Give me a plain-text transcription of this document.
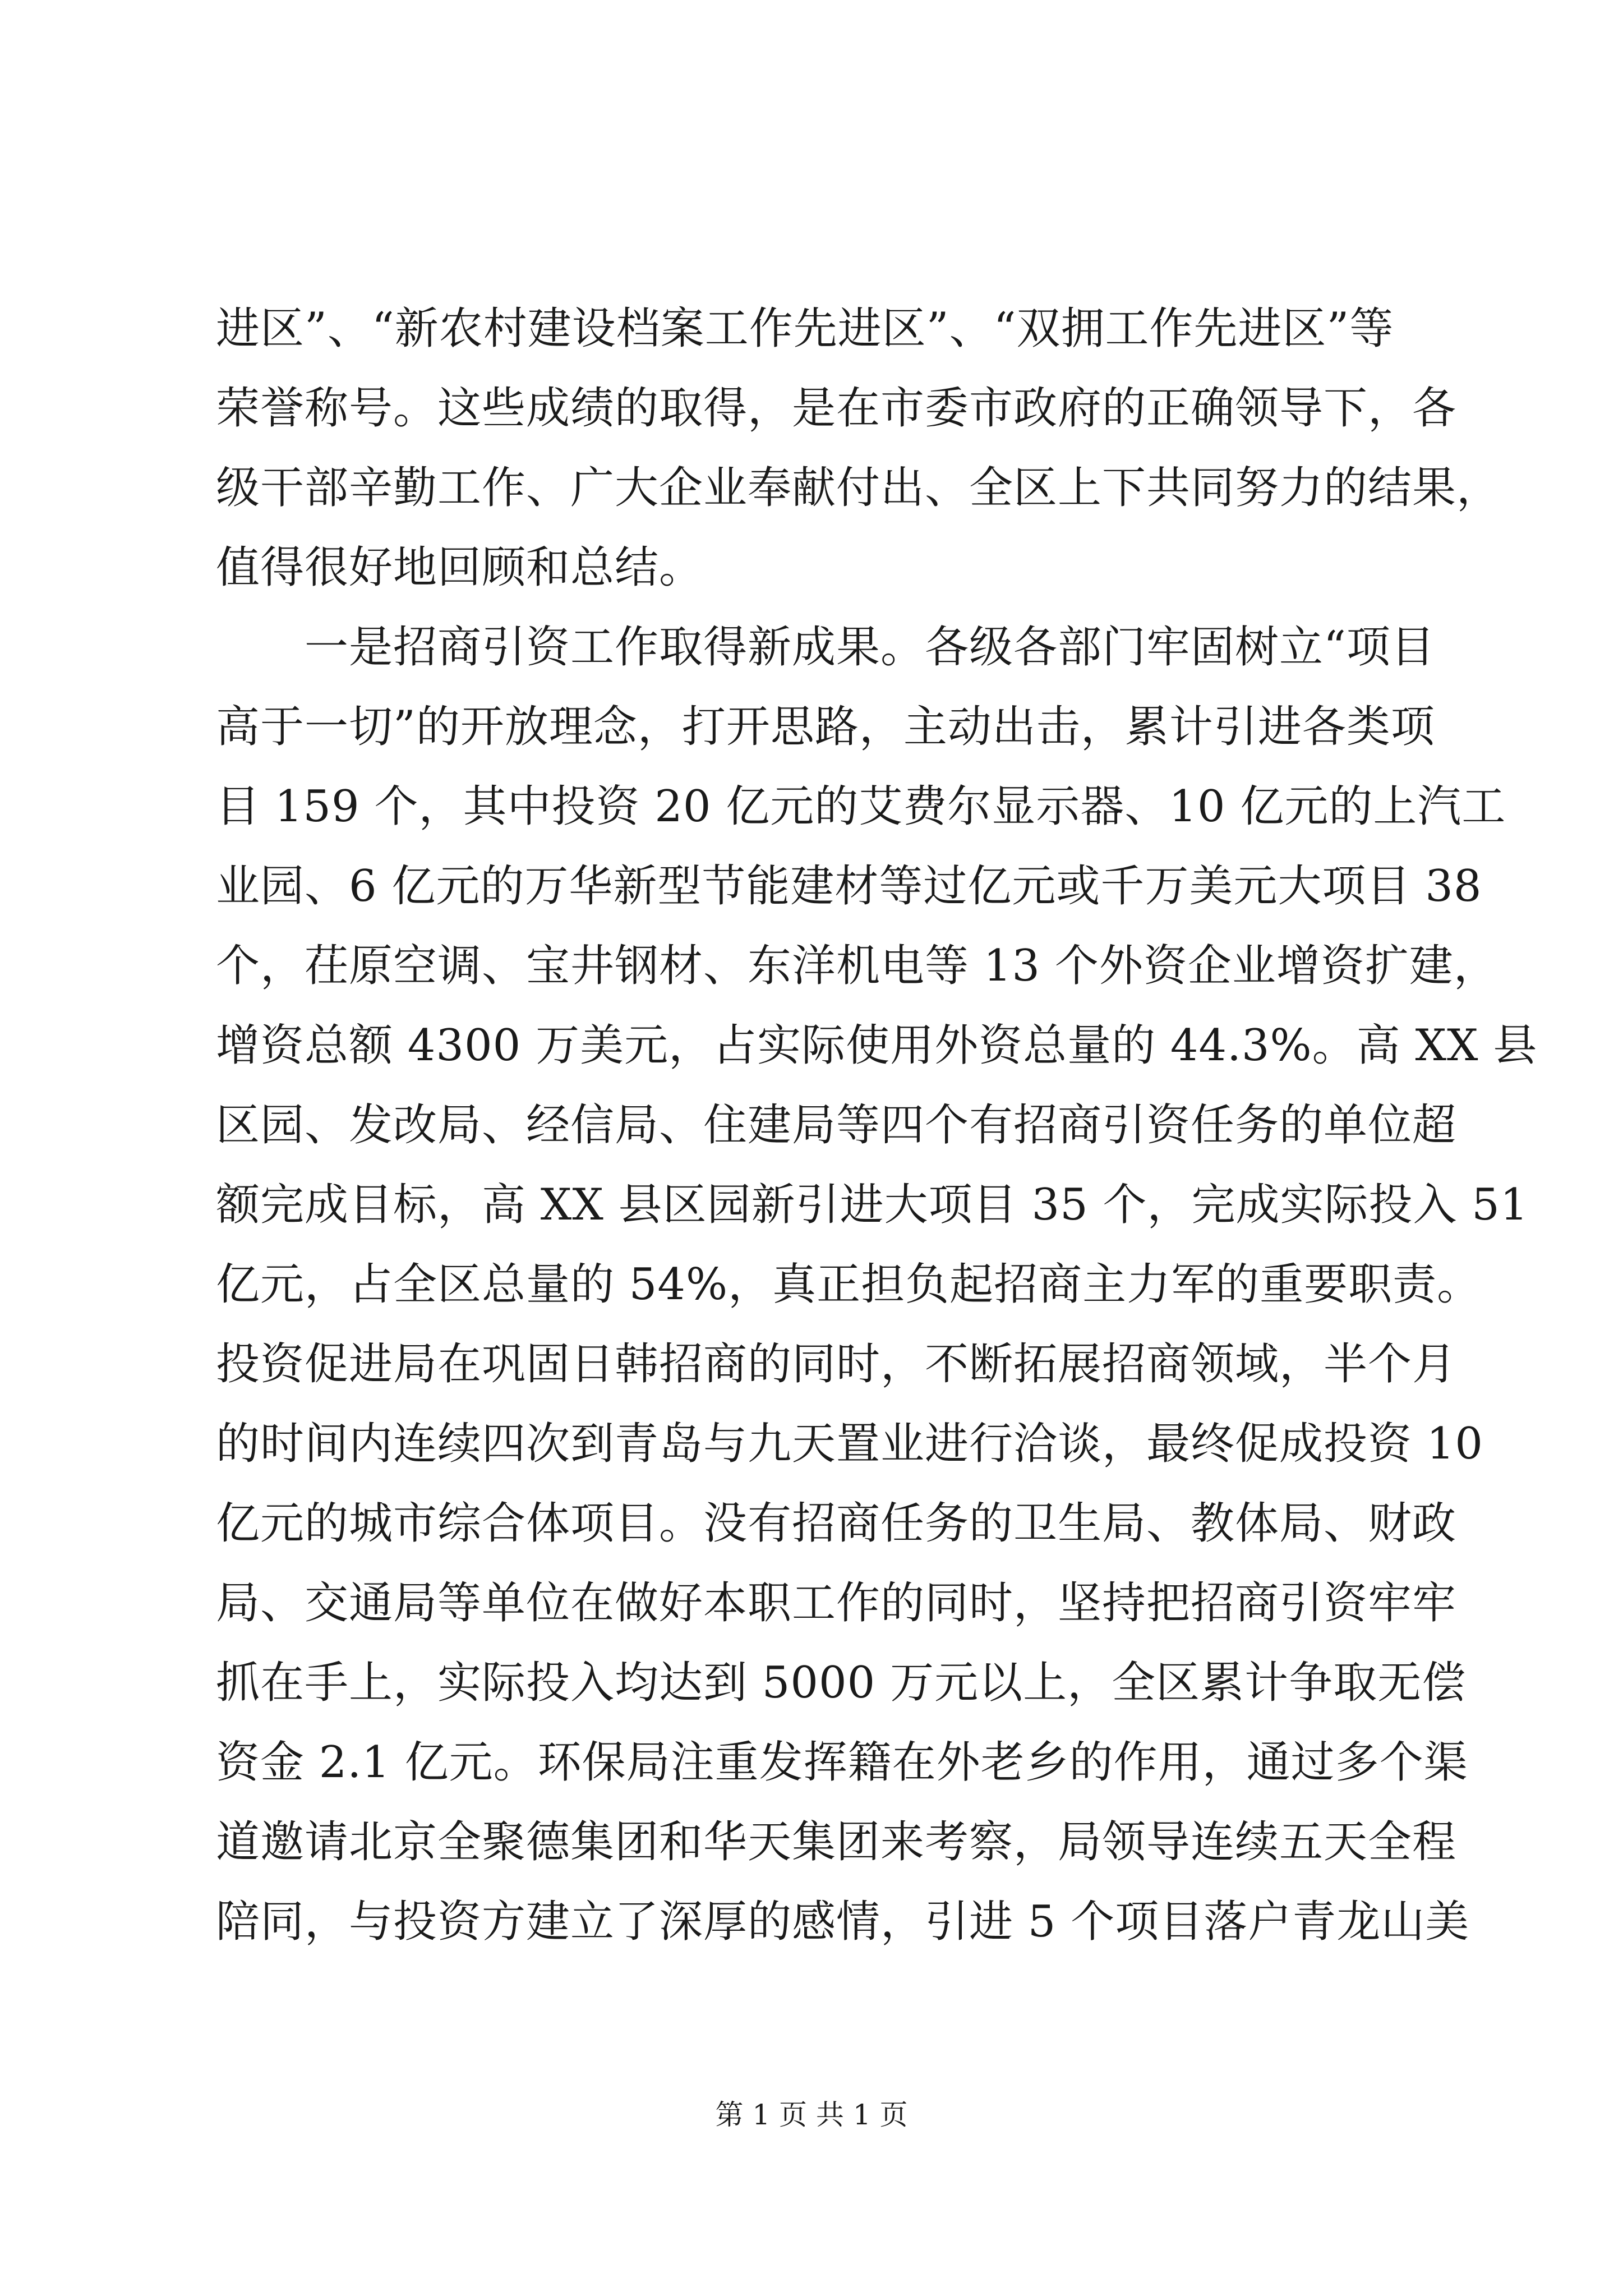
进区”、“新农村建设档案工作先进区”、“双拥工作先进区”等
荣誉称号。这些成绩的取得，是在市委市政府的正确领导下，各
级干部辛勤工作、广大企业奉献付出、全区上下共同努力的结果，
值得很好地回顾和总结。
　　一是招商引资工作取得新成果。各级各部门牢固树立“项目
高于一切”的开放理念，打开思路，主动出击，累计引进各类项
目 159 个，其中投资 20 亿元的艾费尔显示器、10 亿元的上汽工
业园、6 亿元的万华新型节能建材等过亿元或千万美元大项目 38
个，茌原空调、宝井钢材、东洋机电等 13 个外资企业增资扩建，
增资总额 4300 万美元，占实际使用外资总量的 44.3%。高 XX 县
区园、发改局、经信局、住建局等四个有招商引资任务的单位超
额完成目标，高 XX 县区园新引进大项目 35 个，完成实际投入 51
亿元，占全区总量的 54%，真正担负起招商主力军的重要职责。
投资促进局在巩固日韩招商的同时，不断拓展招商领域，半个月
的时间内连续四次到青岛与九天置业进行洽谈，最终促成投资 10
亿元的城市综合体项目。没有招商任务的卫生局、教体局、财政
局、交通局等单位在做好本职工作的同时，坚持把招商引资牢牢
抓在手上，实际投入均达到 5000 万元以上，全区累计争取无偿
资金 2.1 亿元。环保局注重发挥籍在外老乡的作用，通过多个渠
道邀请北京全聚德集团和华天集团来考察，局领导连续五天全程
陪同，与投资方建立了深厚的感情，引进 5 个项目落户青龙山美
第 1 页 共 1 页
